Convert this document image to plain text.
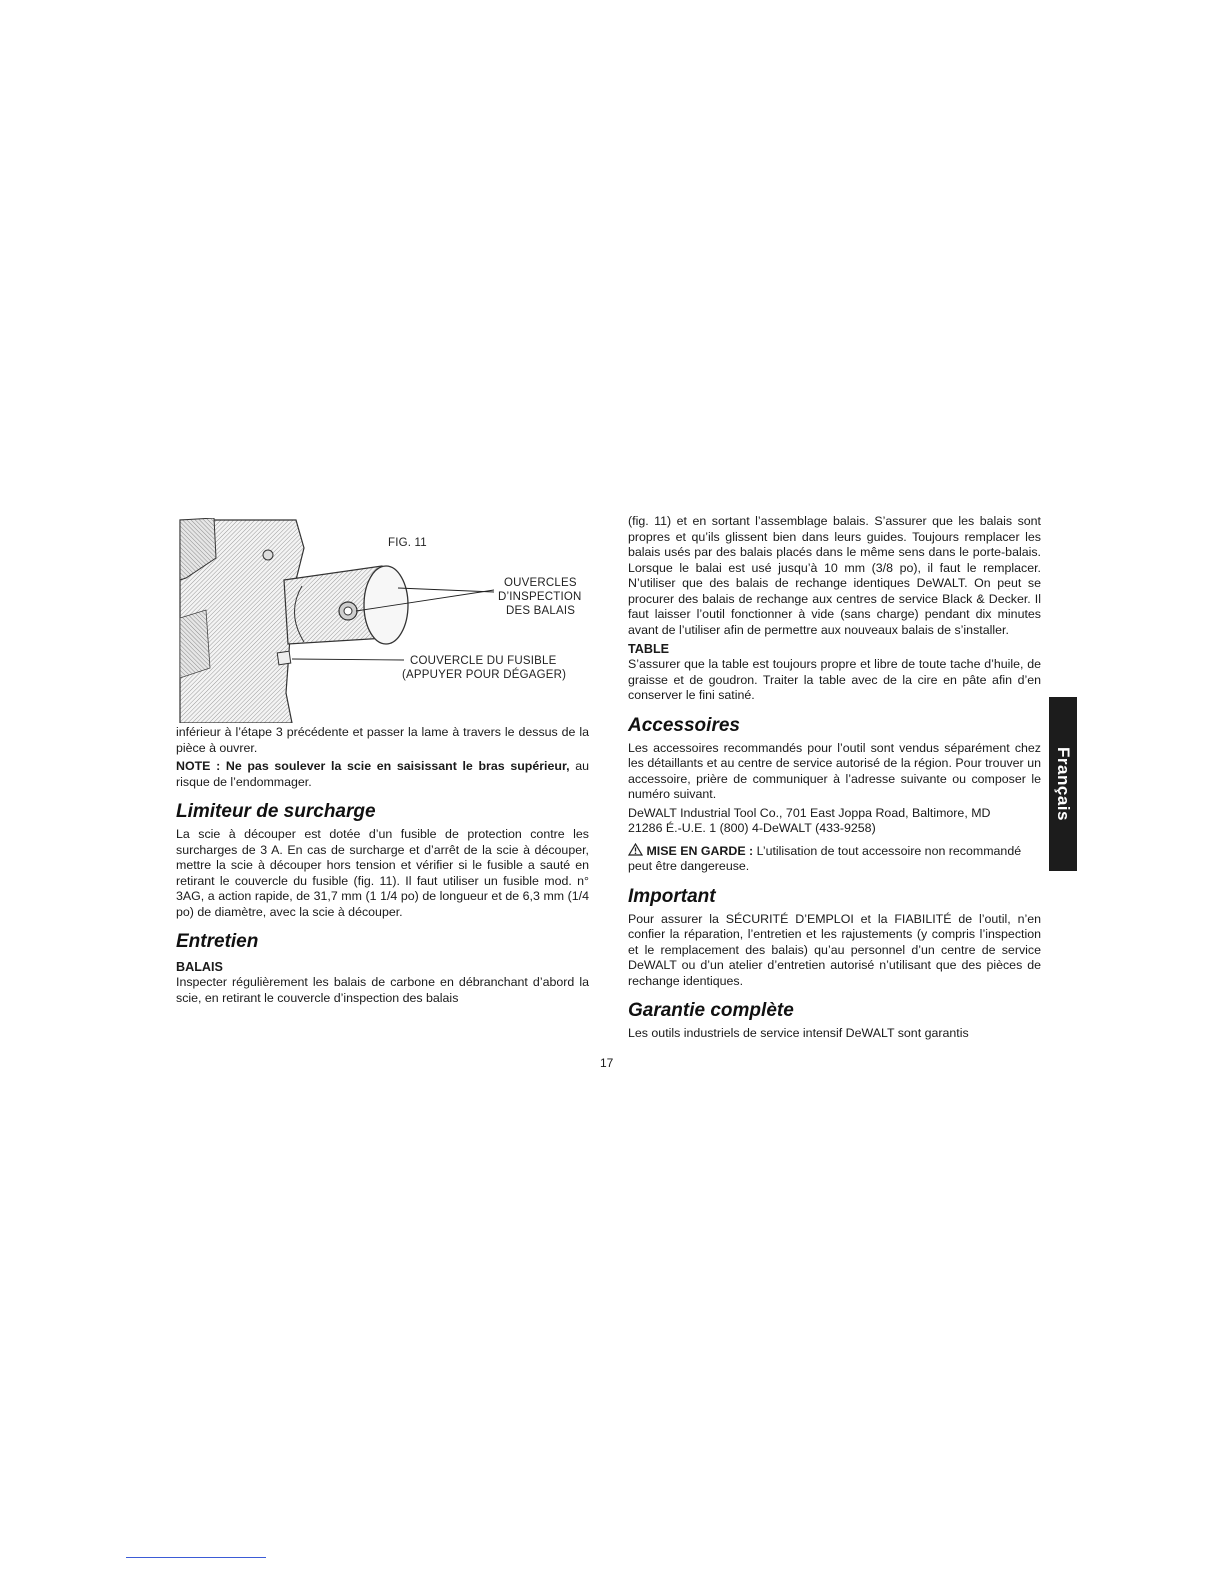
FIG. 11
OUVERCLES
D’INSPECTION
DES BALAIS
COUVERCLE DU FUSIBLE
(APPUYER POUR DÉGAGER)

inférieur à l’étape 3 précédente et passer la lame à travers le dessus de la pièce à ouvrer.

NOTE : Ne pas soulever la scie en saisissant le bras supérieur, au risque de l’endommager.

Limiteur de surcharge

La scie à découper est dotée d’un fusible de protection contre les surcharges de 3 A. En cas de surcharge et d’arrêt de la scie à découper, mettre la scie à découper hors tension et vérifier si le fusible a sauté en retirant le couvercle du fusible (fig. 11). Il faut utiliser un fusible mod. n° 3AG, a action rapide, de 31,7 mm (1 1/4 po) de longueur et de 6,3 mm (1/4 po) de diamètre, avec la scie à découper.

Entretien
BALAIS

Inspecter régulièrement les balais de carbone en débranchant d’abord la scie, en retirant le couvercle d’inspection des balais

(fig. 11) et en sortant l’assemblage balais. S’assurer que les balais sont propres et qu’ils glissent bien dans leurs guides. Toujours remplacer les balais usés par des balais placés dans le même sens dans le porte-balais. Lorsque le balai est usé jusqu’à 10 mm (3/8 po), il faut le remplacer. N’utiliser que des balais de rechange identiques DeWALT. On peut se procurer des balais de rechange aux centres de service Black & Decker. Il faut laisser l’outil fonctionner à vide (sans charge) pendant dix minutes avant de l’utiliser afin de permettre aux nouveaux balais de s’installer.

TABLE

S’assurer que la table est toujours propre et libre de toute tache d’huile, de graisse et de goudron. Traiter la table avec de la cire en pâte afin d’en conserver le fini satiné.

Accessoires

Les accessoires recommandés pour l’outil sont vendus séparément chez les détaillants et au centre de service autorisé de la région. Pour trouver un accessoire, prière de communiquer à l’adresse suivante ou composer le numéro suivant.

DeWALT Industrial Tool Co., 701 East Joppa Road, Baltimore, MD

21286 É.-U.E. 1 (800) 4-DeWALT (433-9258)

MISE EN GARDE : L’utilisation de tout accessoire non recommandé peut être dangereuse.

Important

Pour assurer la SÉCURITÉ D’EMPLOI et la FIABILITÉ de l’outil, n’en confier la réparation, l’entretien et les rajustements (y compris l’inspection et le remplacement des balais) qu’au personnel d’un centre de service DeWALT ou d’un atelier d’entretien autorisé n’utilisant que des pièces de rechange identiques.

Garantie complète

Les outils industriels de service intensif DeWALT sont garantis

Français
17
